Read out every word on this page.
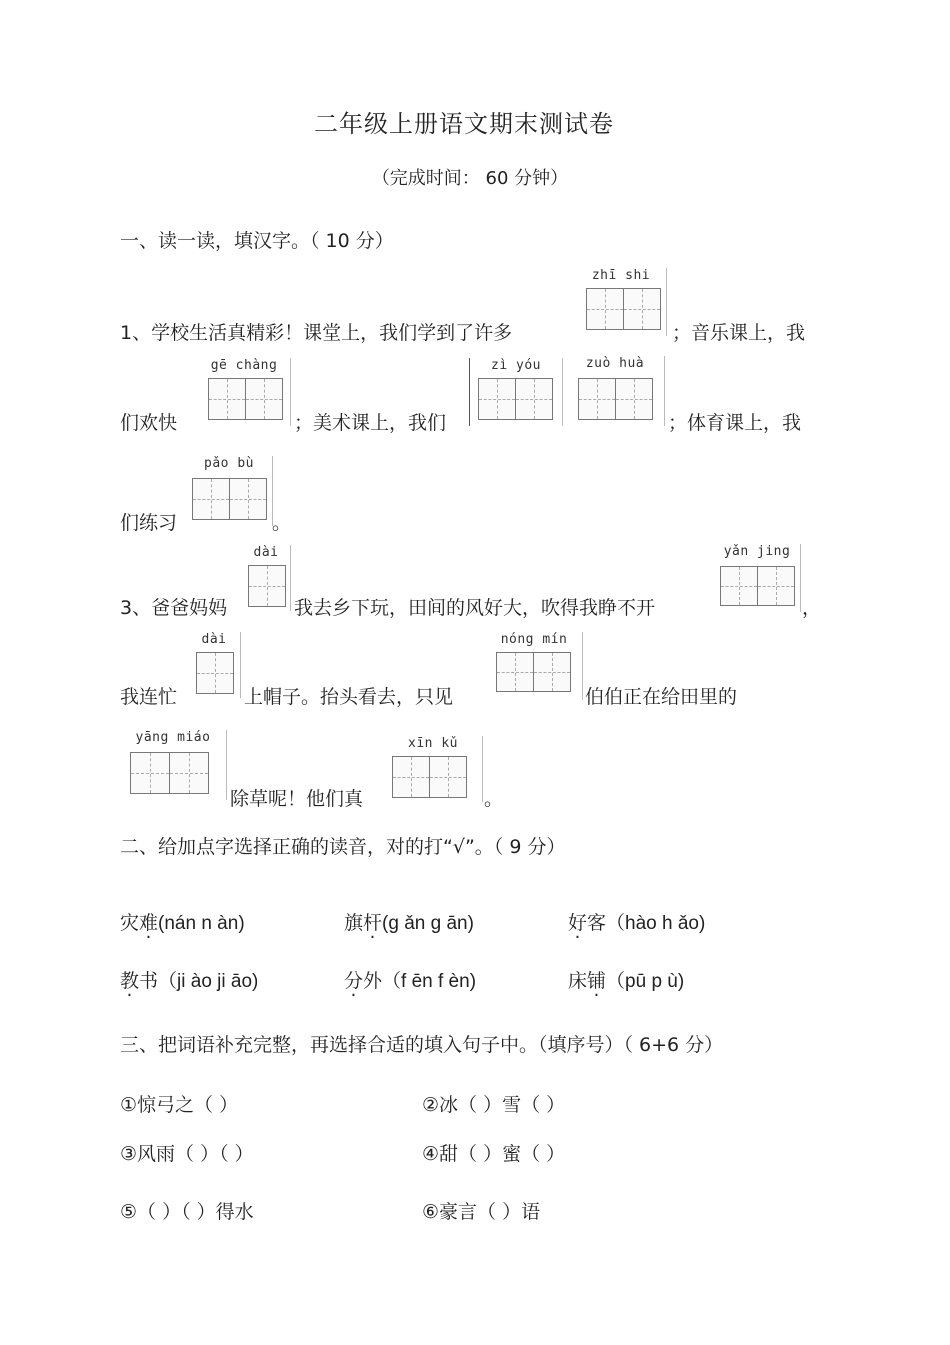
二年级上册语文期末测试卷
（完成时间： 60 分钟）
一、读一读，填汉字。（ 10 分）
1、学校生活真精彩！课堂上，我们学到了许多
zhī shi
；音乐课上，我
们欢快
gē chàng
；美术课上，我们
zì yóu	zuò huà
；体育课上，我
们练习
pǎo bù
。
3、爸爸妈妈
dài
我去乡下玩，田间的风好大，吹得我睁不开
yǎn jing
，
我连忙
dài
上帽子。抬头看去，只见
nóng mín
伯伯正在给田里的
yāng miáo
除草呢！他们真
xīn kǔ
。
二、给加点字选择正确的读音，对的打“√”。（ 9 分）
灾难(nán n àn)	旗杆(g ǎn g ān)	好客（hào h ǎo)
教书（ji ào ji āo)	分外（f ēn f èn)	床铺（pū p ù)
三、把词语补充完整，再选择合适的填入句子中。（填序号）（ 6+6 分）
①惊弓之（ ）	②冰（ ）雪（ ）
③风雨（ ）（ ）	④甜（ ）蜜（ ）
⑤（ ）（ ）得水	⑥豪言（ ）语
